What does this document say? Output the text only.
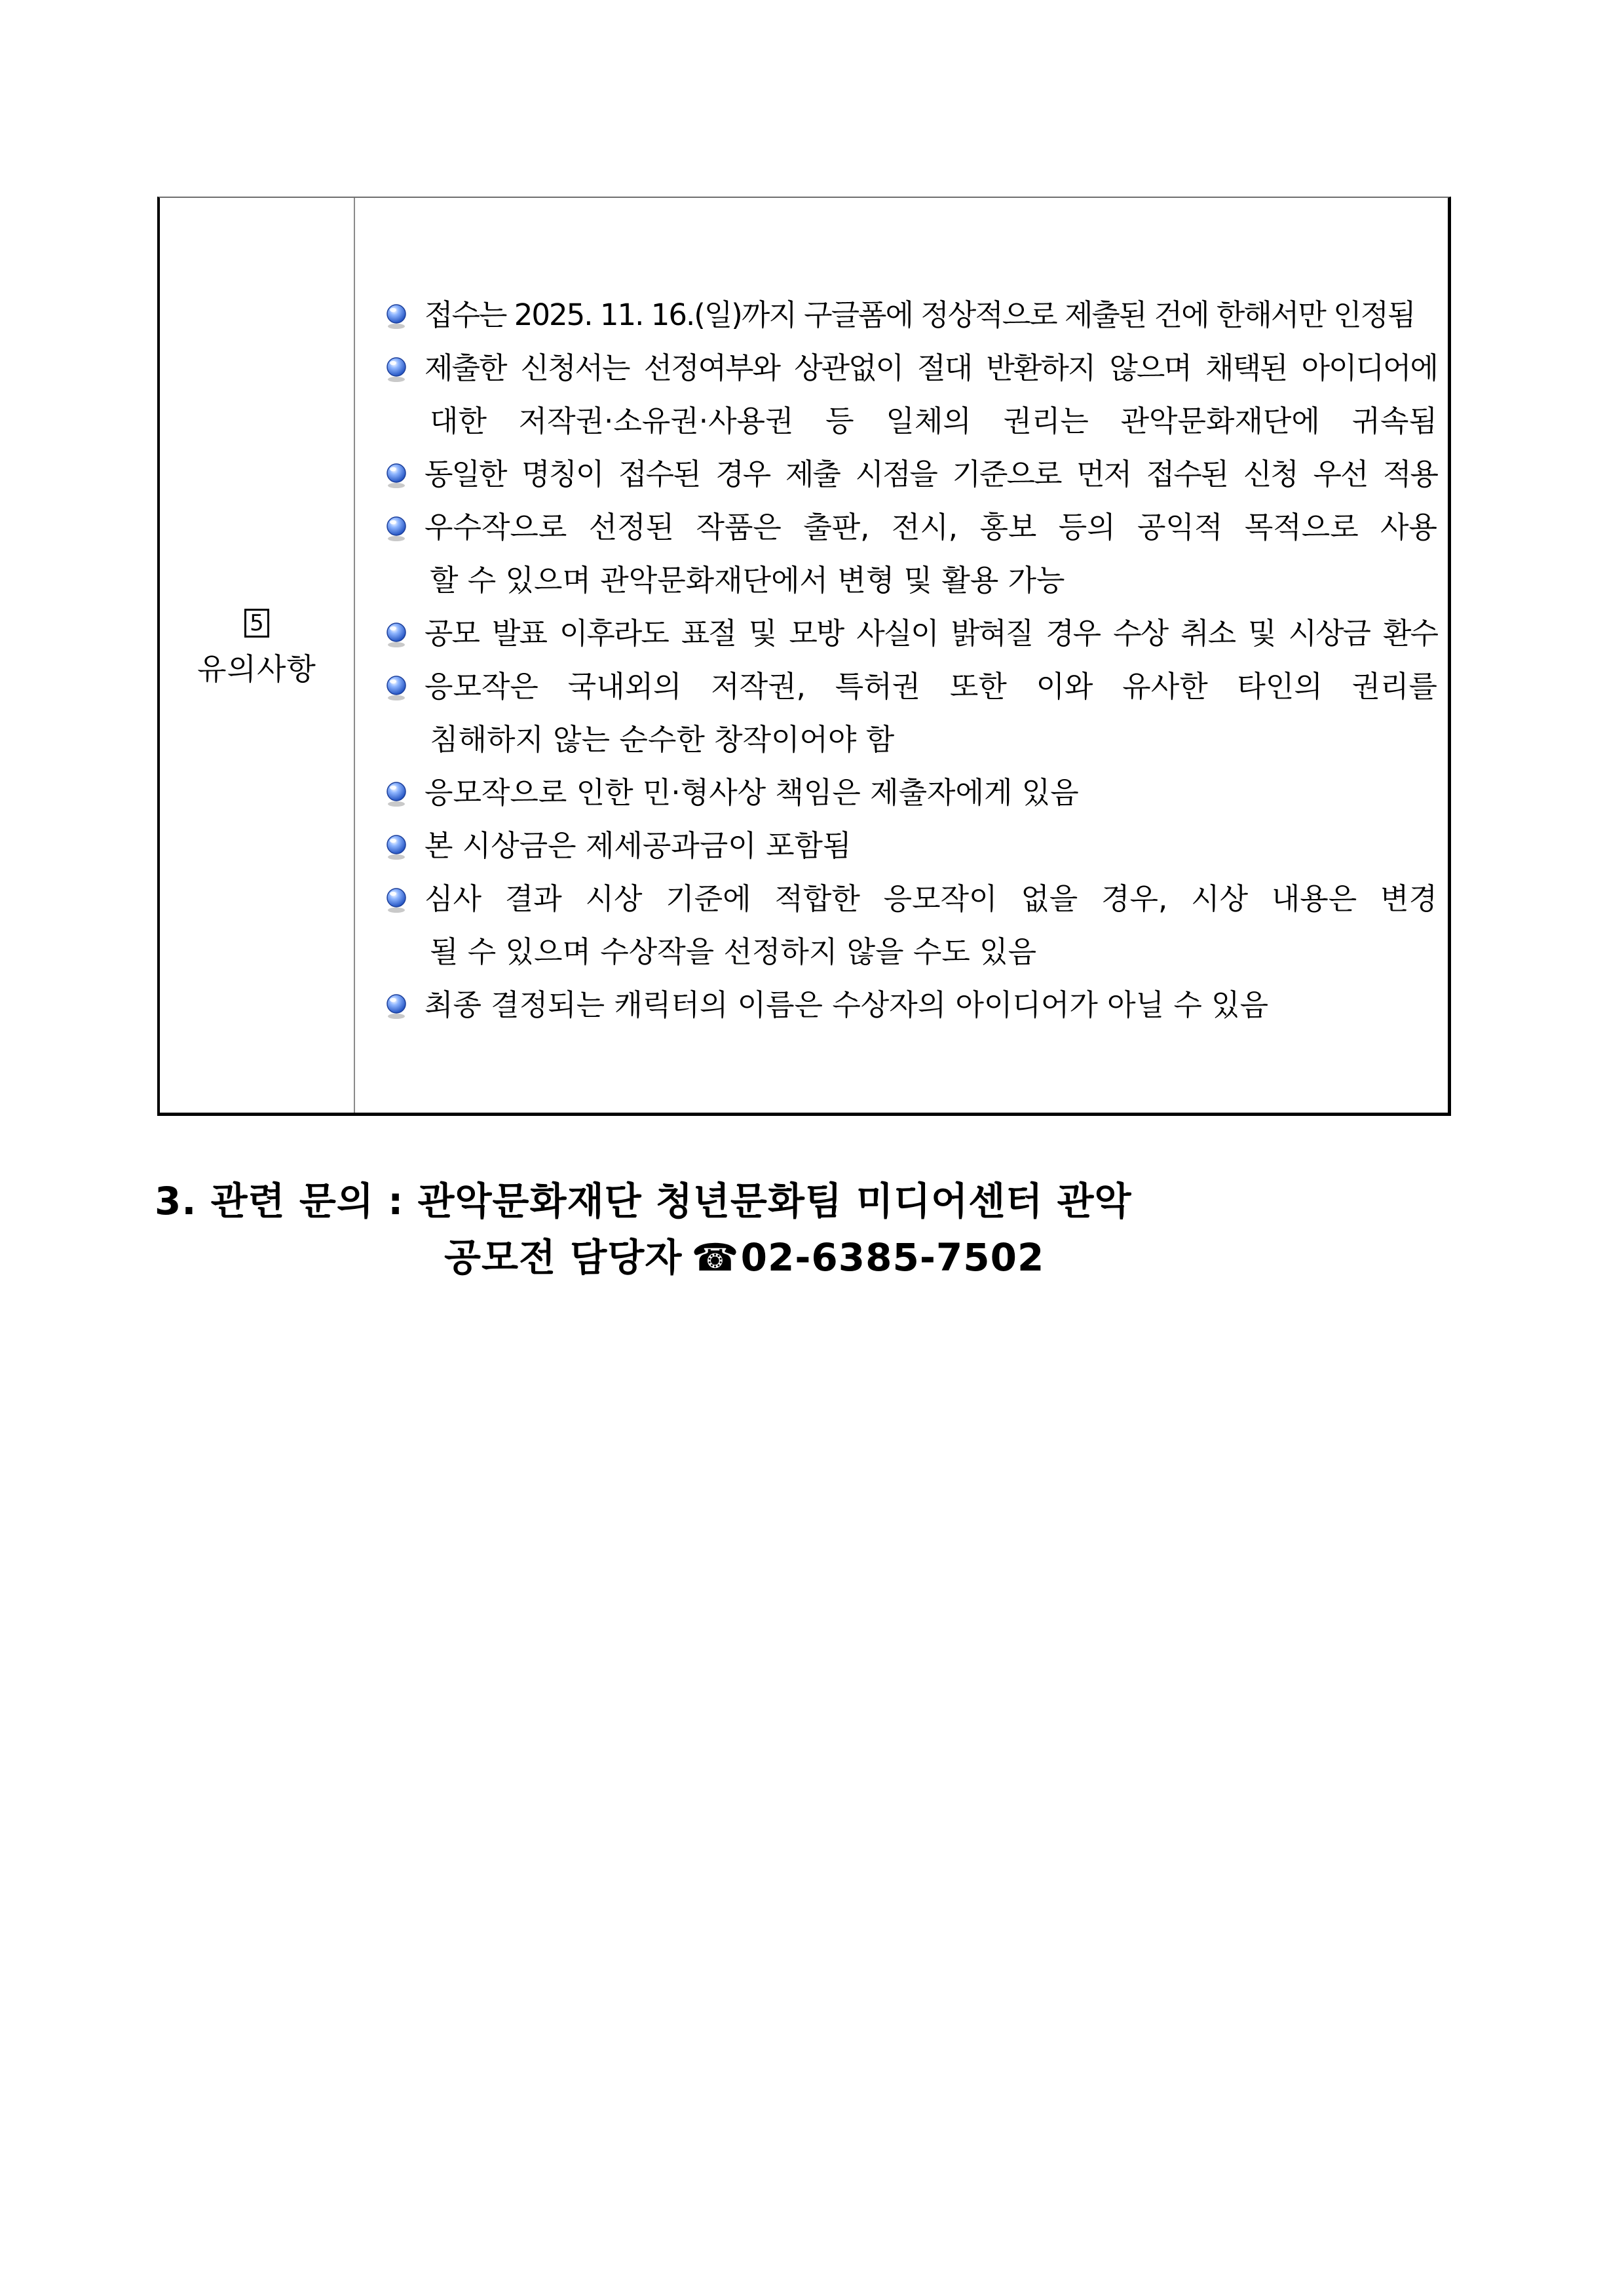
5
유의사항
접수는 2025. 11. 16.(일)까지 구글폼에 정상적으로 제출된 건에 한해서만 인정됨
제출한 신청서는 선정여부와 상관없이 절대 반환하지 않으며 채택된 아이디어에
대한 저작권·소유권·사용권 등 일체의 권리는 관악문화재단에 귀속됨
동일한 명칭이 접수된 경우 제출 시점을 기준으로 먼저 접수된 신청 우선 적용
우수작으로 선정된 작품은 출판, 전시, 홍보 등의 공익적 목적으로 사용
할 수 있으며 관악문화재단에서 변형 및 활용 가능
공모 발표 이후라도 표절 및 모방 사실이 밝혀질 경우 수상 취소 및 시상금 환수
응모작은 국내외의 저작권, 특허권 또한 이와 유사한 타인의 권리를
침해하지 않는 순수한 창작이어야 함
응모작으로 인한 민·형사상 책임은 제출자에게 있음
본 시상금은 제세공과금이 포함됨
심사 결과 시상 기준에 적합한 응모작이 없을 경우, 시상 내용은 변경
될 수 있으며 수상작을 선정하지 않을 수도 있음
최종 결정되는 캐릭터의 이름은 수상자의 아이디어가 아닐 수 있음
3. 관련 문의 : 관악문화재단 청년문화팀 미디어센터 관악
공모전 담당자 ☎02-6385-7502
